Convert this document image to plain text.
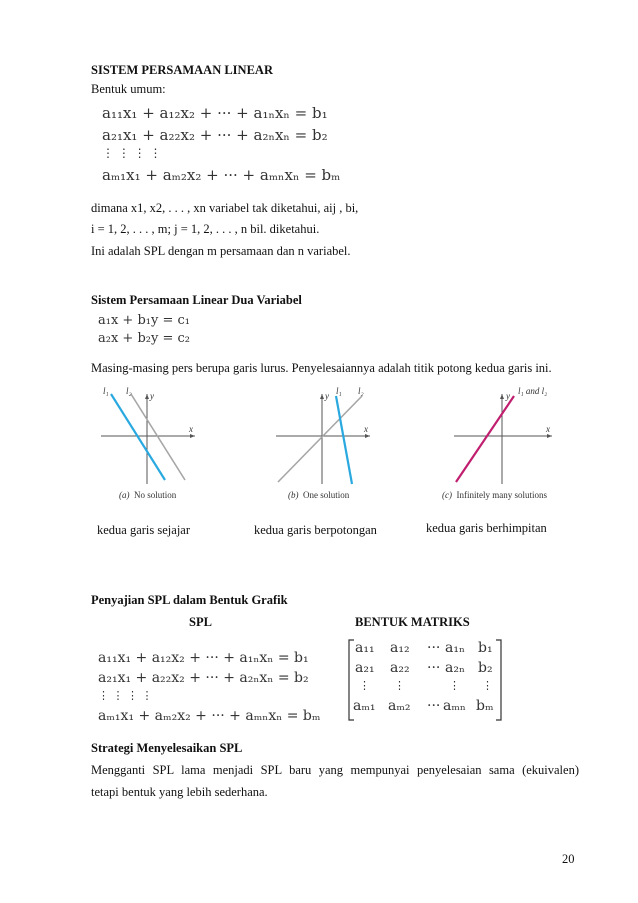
SISTEM PERSAMAAN LINEAR
Bentuk umum:
a₁₁x₁ + a₁₂x₂ + ··· + a₁ₙxₙ = b₁
a₂₁x₁ + a₂₂x₂ + ··· + a₂ₙxₙ = b₂
⋮ ⋮ ⋮ ⋮
aₘ₁x₁ + aₘ₂x₂ + ··· + aₘₙxₙ = bₘ
dimana x1, x2, . . . , xn variabel tak diketahui, aij , bi,
i = 1, 2, . . . , m; j = 1, 2, . . . , n bil. diketahui.
Ini adalah SPL dengan m persamaan dan n variabel.
Sistem Persamaan Linear Dua Variabel
a₁x + b₁y = c₁
a₂x + b₂y = c₂
Masing-masing pers berupa garis lurus. Penyelesaiannya adalah titik potong kedua garis ini.
l₁ l₂ y
x
(a) No solution
y l₁ l₂
x
(b) One solution
y l₁ and l₂
x
(c) Infinitely many solutions
kedua garis sejajar	kedua garis berpotongan	kedua garis berhimpitan
Penyajian SPL dalam Bentuk Grafik
SPL	BENTUK MATRIKS
a₁₁x₁ + a₁₂x₂ + ··· + a₁ₙxₙ = b₁
a₂₁x₁ + a₂₂x₂ + ··· + a₂ₙxₙ = b₂
⋮ ⋮ ⋮ ⋮
aₘ₁x₁ + aₘ₂x₂ + ··· + aₘₙxₙ = bₘ
a₁₁ a₁₂ ··· a₁ₙ b₁
a₂₁ a₂₂ ··· a₂ₙ b₂
⋮ ⋮	⋮ ⋮
aₘ₁ aₘ₂ ··· aₘₙ bₘ
Strategi Menyelesaikan SPL
Mengganti SPL lama menjadi SPL baru yang mempunyai penyelesaian sama (ekuivalen)
tetapi bentuk yang lebih sederhana.
20
